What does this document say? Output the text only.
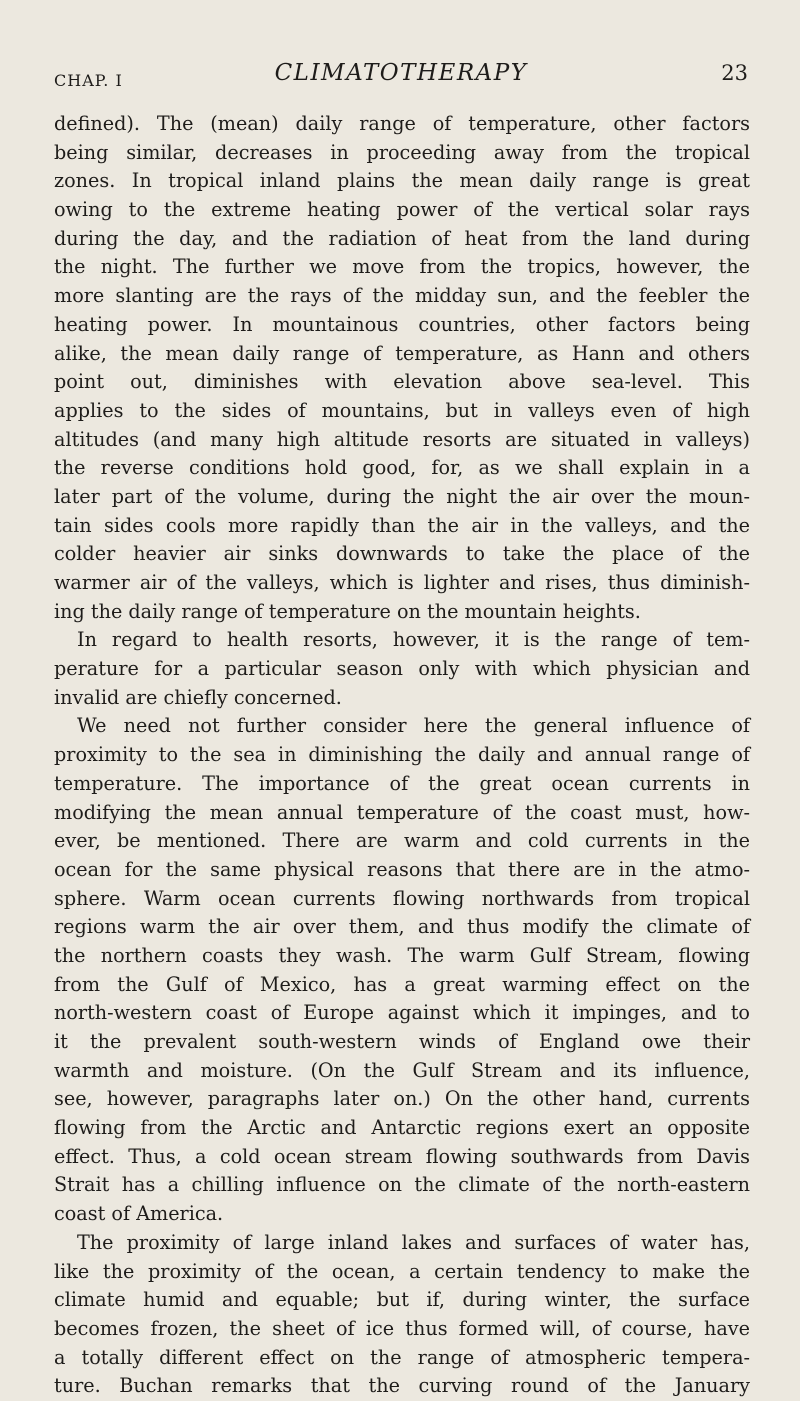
CHAP. I	CLIMATOTHERAPY	23
defined). The (mean) daily range of temperature, other factors
being similar, decreases in proceeding away from the tropical
zones. In tropical inland plains the mean daily range is great
owing to the extreme heating power of the vertical solar rays
during the day, and the radiation of heat from the land during
the night. The further we move from the tropics, however, the
more slanting are the rays of the midday sun, and the feebler the
heating power. In mountainous countries, other factors being
alike, the mean daily range of temperature, as Hann and others
point out, diminishes with elevation above sea-level. This
applies to the sides of mountains, but in valleys even of high
altitudes (and many high altitude resorts are situated in valleys)
the reverse conditions hold good, for, as we shall explain in a
later part of the volume, during the night the air over the moun-
tain sides cools more rapidly than the air in the valleys, and the
colder heavier air sinks downwards to take the place of the
warmer air of the valleys, which is lighter and rises, thus diminish-
ing the daily range of temperature on the mountain heights.
In regard to health resorts, however, it is the range of tem-
perature for a particular season only with which physician and
invalid are chiefly concerned.
We need not further consider here the general influence of
proximity to the sea in diminishing the daily and annual range of
temperature. The importance of the great ocean currents in
modifying the mean annual temperature of the coast must, how-
ever, be mentioned. There are warm and cold currents in the
ocean for the same physical reasons that there are in the atmo-
sphere. Warm ocean currents flowing northwards from tropical
regions warm the air over them, and thus modify the climate of
the northern coasts they wash. The warm Gulf Stream, flowing
from the Gulf of Mexico, has a great warming effect on the
north-western coast of Europe against which it impinges, and to
it the prevalent south-western winds of England owe their
warmth and moisture. (On the Gulf Stream and its influence,
see, however, paragraphs later on.) On the other hand, currents
flowing from the Arctic and Antarctic regions exert an opposite
effect. Thus, a cold ocean stream flowing southwards from Davis
Strait has a chilling influence on the climate of the north-eastern
coast of America.
The proximity of large inland lakes and surfaces of water has,
like the proximity of the ocean, a certain tendency to make the
climate humid and equable; but if, during winter, the surface
becomes frozen, the sheet of ice thus formed will, of course, have
a totally different effect on the range of atmospheric tempera-
ture. Buchan remarks that the curving round of the January
